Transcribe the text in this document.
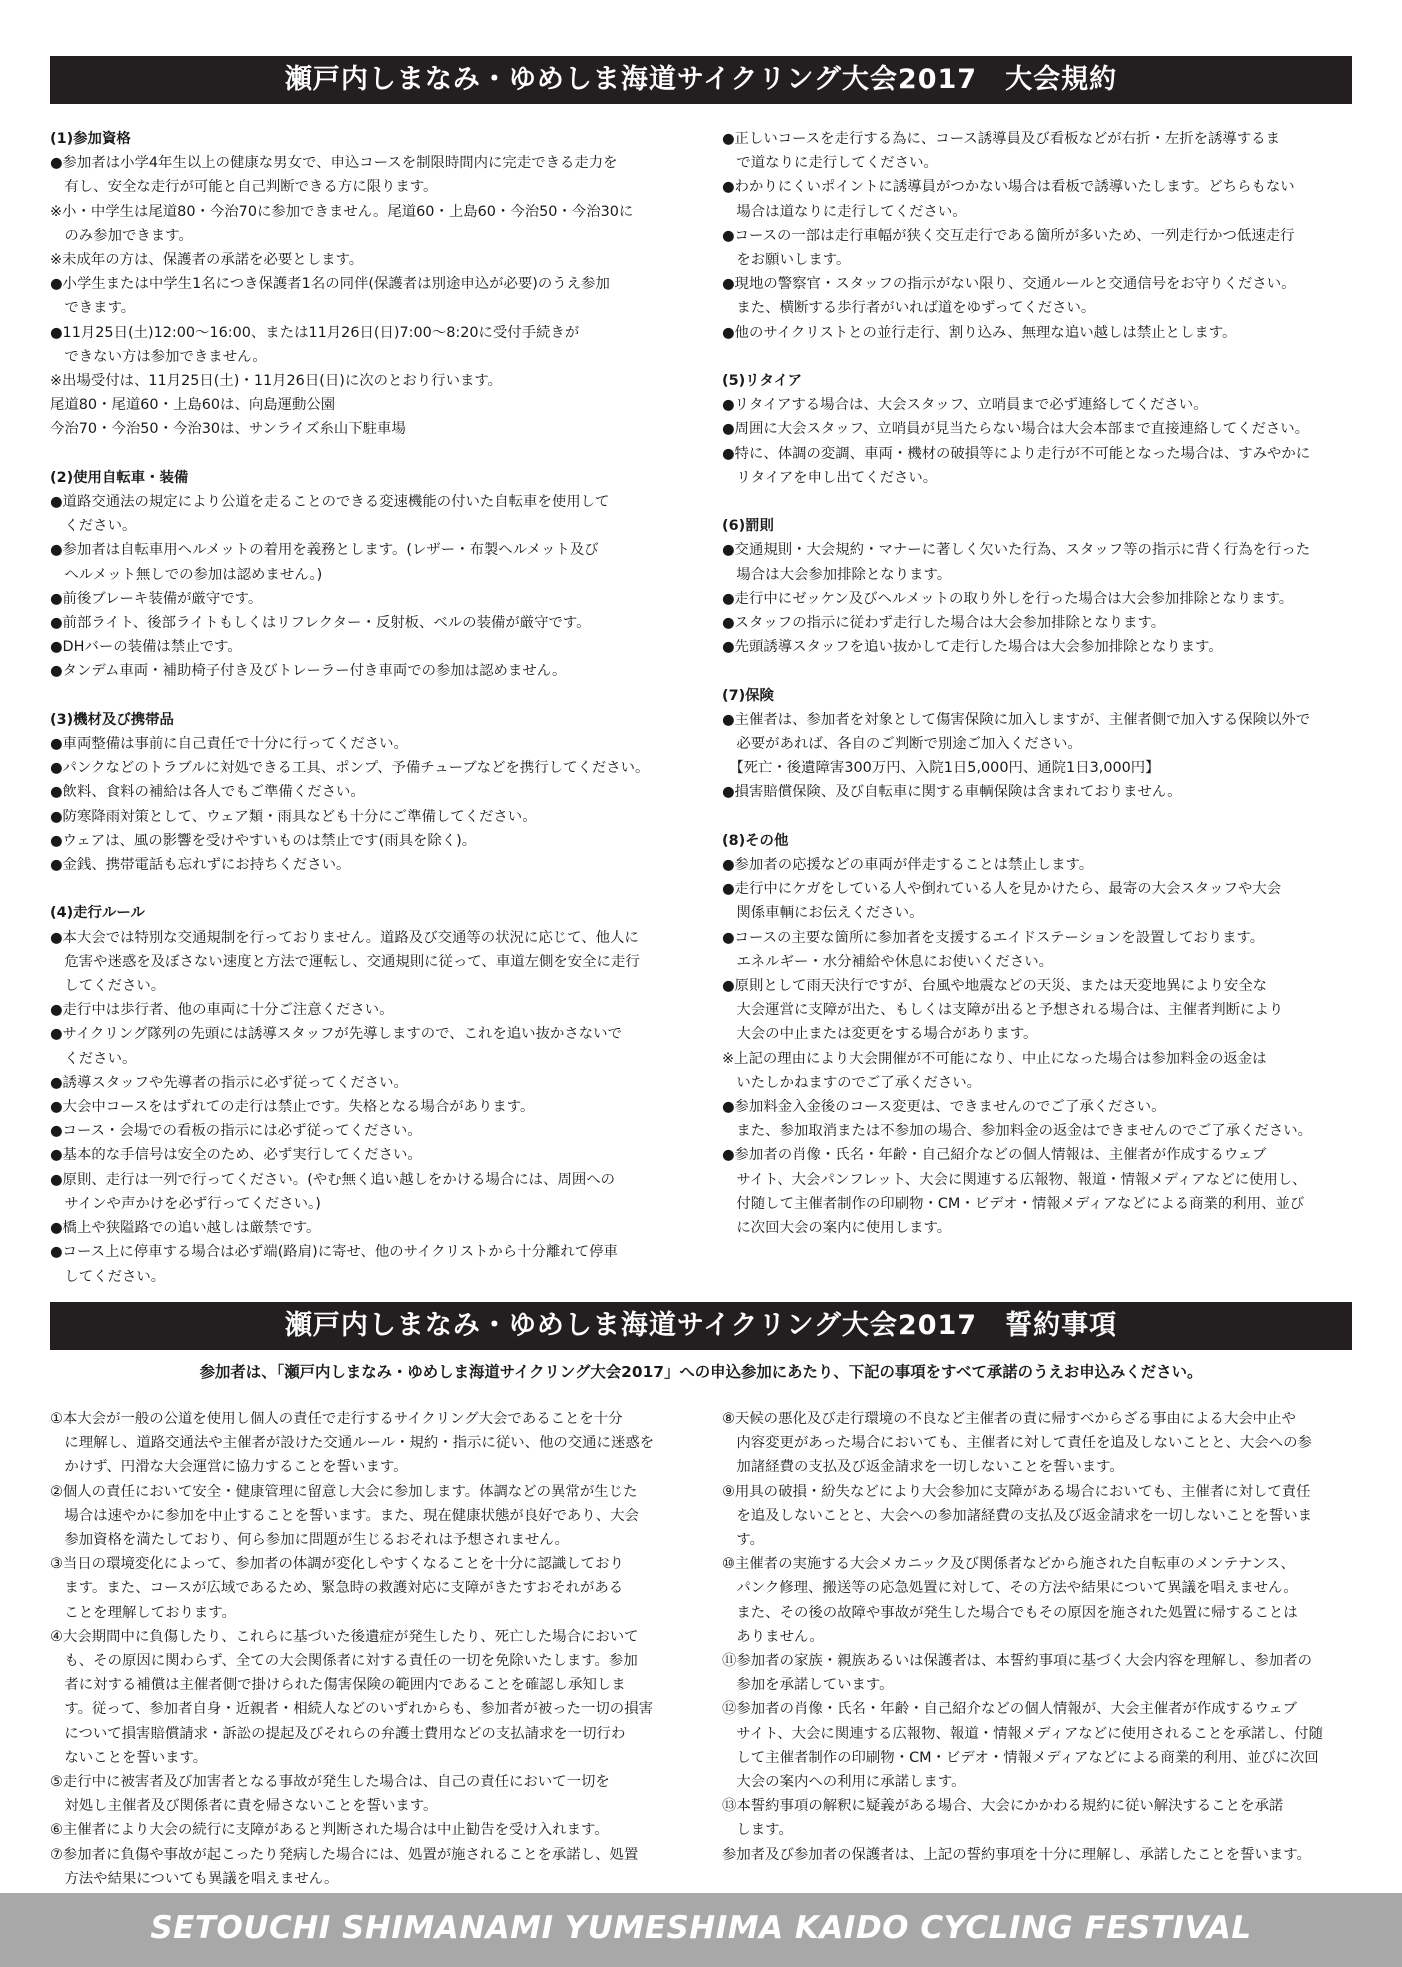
瀬戸内しまなみ・ゆめしま海道サイクリング大会2017　大会規約
(1)参加資格
●参加者は小学4年生以上の健康な男女で、申込コースを制限時間内に完走できる走力を
　有し、安全な走行が可能と自己判断できる方に限ります。
※小・中学生は尾道80・今治70に参加できません。尾道60・上島60・今治50・今治30に
　のみ参加できます。
※未成年の方は、保護者の承諾を必要とします。
●小学生または中学生1名につき保護者1名の同伴(保護者は別途申込が必要)のうえ参加
　できます。
●11月25日(土)12:00〜16:00、または11月26日(日)7:00〜8:20に受付手続きが
　できない方は参加できません。
※出場受付は、11月25日(土)・11月26日(日)に次のとおり行います。
尾道80・尾道60・上島60は、向島運動公園
今治70・今治50・今治30は、サンライズ糸山下駐車場
(2)使用自転車・装備
●道路交通法の規定により公道を走ることのできる変速機能の付いた自転車を使用して
　ください。
●参加者は自転車用ヘルメットの着用を義務とします。(レザー・布製ヘルメット及び
　ヘルメット無しでの参加は認めません。)
●前後ブレーキ装備が厳守です。
●前部ライト、後部ライトもしくはリフレクター・反射板、ベルの装備が厳守です。
●DHバーの装備は禁止です。
●タンデム車両・補助椅子付き及びトレーラー付き車両での参加は認めません。
(3)機材及び携帯品
●車両整備は事前に自己責任で十分に行ってください。
●パンクなどのトラブルに対処できる工具、ポンプ、予備チューブなどを携行してください。
●飲料、食料の補給は各人でもご準備ください。
●防寒降雨対策として、ウェア類・雨具なども十分にご準備してください。
●ウェアは、風の影響を受けやすいものは禁止です(雨具を除く)。
●金銭、携帯電話も忘れずにお持ちください。
(4)走行ルール
●本大会では特別な交通規制を行っておりません。道路及び交通等の状況に応じて、他人に
　危害や迷惑を及ぼさない速度と方法で運転し、交通規則に従って、車道左側を安全に走行
　してください。
●走行中は歩行者、他の車両に十分ご注意ください。
●サイクリング隊列の先頭には誘導スタッフが先導しますので、これを追い抜かさないで
　ください。
●誘導スタッフや先導者の指示に必ず従ってください。
●大会中コースをはずれての走行は禁止です。失格となる場合があります。
●コース・会場での看板の指示には必ず従ってください。
●基本的な手信号は安全のため、必ず実行してください。
●原則、走行は一列で行ってください。(やむ無く追い越しをかける場合には、周囲への
　サインや声かけを必ず行ってください。)
●橋上や狭隘路での追い越しは厳禁です。
●コース上に停車する場合は必ず端(路肩)に寄せ、他のサイクリストから十分離れて停車
　してください。
●正しいコースを走行する為に、コース誘導員及び看板などが右折・左折を誘導するま
　で道なりに走行してください。
●わかりにくいポイントに誘導員がつかない場合は看板で誘導いたします。どちらもない
　場合は道なりに走行してください。
●コースの一部は走行車幅が狭く交互走行である箇所が多いため、一列走行かつ低速走行
　をお願いします。
●現地の警察官・スタッフの指示がない限り、交通ルールと交通信号をお守りください。
　また、横断する歩行者がいれば道をゆずってください。
●他のサイクリストとの並行走行、割り込み、無理な追い越しは禁止とします。
(5)リタイア
●リタイアする場合は、大会スタッフ、立哨員まで必ず連絡してください。
●周囲に大会スタッフ、立哨員が見当たらない場合は大会本部まで直接連絡してください。
●特に、体調の変調、車両・機材の破損等により走行が不可能となった場合は、すみやかに
　リタイアを申し出てください。
(6)罰則
●交通規則・大会規約・マナーに著しく欠いた行為、スタッフ等の指示に背く行為を行った
　場合は大会参加排除となります。
●走行中にゼッケン及びヘルメットの取り外しを行った場合は大会参加排除となります。
●スタッフの指示に従わず走行した場合は大会参加排除となります。
●先頭誘導スタッフを追い抜かして走行した場合は大会参加排除となります。
(7)保険
●主催者は、参加者を対象として傷害保険に加入しますが、主催者側で加入する保険以外で
　必要があれば、各自のご判断で別途ご加入ください。
　【死亡・後遺障害300万円、入院1日5,000円、通院1日3,000円】
●損害賠償保険、及び自転車に関する車輌保険は含まれておりません。
(8)その他
●参加者の応援などの車両が伴走することは禁止します。
●走行中にケガをしている人や倒れている人を見かけたら、最寄の大会スタッフや大会
　関係車輌にお伝えください。
●コースの主要な箇所に参加者を支援するエイドステーションを設置しております。
　エネルギー・水分補給や休息にお使いください。
●原則として雨天決行ですが、台風や地震などの天災、または天変地異により安全な
　大会運営に支障が出た、もしくは支障が出ると予想される場合は、主催者判断により
　大会の中止または変更をする場合があります。
※上記の理由により大会開催が不可能になり、中止になった場合は参加料金の返金は
　いたしかねますのでご了承ください。
●参加料金入金後のコース変更は、できませんのでご了承ください。
　また、参加取消または不参加の場合、参加料金の返金はできませんのでご了承ください。
●参加者の肖像・氏名・年齢・自己紹介などの個人情報は、主催者が作成するウェブ
　サイト、大会パンフレット、大会に関連する広報物、報道・情報メディアなどに使用し、
　付随して主催者制作の印刷物・CM・ビデオ・情報メディアなどによる商業的利用、並び
　に次回大会の案内に使用します。
瀬戸内しまなみ・ゆめしま海道サイクリング大会2017　誓約事項
参加者は、「瀬戸内しまなみ・ゆめしま海道サイクリング大会2017」への申込参加にあたり、下記の事項をすべて承諾のうえお申込みください。
①本大会が一般の公道を使用し個人の責任で走行するサイクリング大会であることを十分
　に理解し、道路交通法や主催者が設けた交通ルール・規約・指示に従い、他の交通に迷惑を
　かけず、円滑な大会運営に協力することを誓います。
②個人の責任において安全・健康管理に留意し大会に参加します。体調などの異常が生じた
　場合は速やかに参加を中止することを誓います。また、現在健康状態が良好であり、大会
　参加資格を満たしており、何ら参加に問題が生じるおそれは予想されません。
③当日の環境変化によって、参加者の体調が変化しやすくなることを十分に認識しており
　ます。また、コースが広域であるため、緊急時の救護対応に支障がきたすおそれがある
　ことを理解しております。
④大会期間中に負傷したり、これらに基づいた後遺症が発生したり、死亡した場合において
　も、その原因に関わらず、全ての大会関係者に対する責任の一切を免除いたします。参加
　者に対する補償は主催者側で掛けられた傷害保険の範囲内であることを確認し承知しま
　す。従って、参加者自身・近親者・相続人などのいずれからも、参加者が被った一切の損害
　について損害賠償請求・訴訟の提起及びそれらの弁護士費用などの支払請求を一切行わ
　ないことを誓います。
⑤走行中に被害者及び加害者となる事故が発生した場合は、自己の責任において一切を
　対処し主催者及び関係者に責を帰さないことを誓います。
⑥主催者により大会の続行に支障があると判断された場合は中止勧告を受け入れます。
⑦参加者に負傷や事故が起こったり発病した場合には、処置が施されることを承諾し、処置
　方法や結果についても異議を唱えません。
⑧天候の悪化及び走行環境の不良など主催者の責に帰すべからざる事由による大会中止や
　内容変更があった場合においても、主催者に対して責任を追及しないことと、大会への参
　加諸経費の支払及び返金請求を一切しないことを誓います。
⑨用具の破損・紛失などにより大会参加に支障がある場合においても、主催者に対して責任
　を追及しないことと、大会への参加諸経費の支払及び返金請求を一切しないことを誓いま
　す。
⑩主催者の実施する大会メカニック及び関係者などから施された自転車のメンテナンス、
　パンク修理、搬送等の応急処置に対して、その方法や結果について異議を唱えません。
　また、その後の故障や事故が発生した場合でもその原因を施された処置に帰することは
　ありません。
⑪参加者の家族・親族あるいは保護者は、本誓約事項に基づく大会内容を理解し、参加者の
　参加を承諾しています。
⑫参加者の肖像・氏名・年齢・自己紹介などの個人情報が、大会主催者が作成するウェブ
　サイト、大会に関連する広報物、報道・情報メディアなどに使用されることを承諾し、付随
　して主催者制作の印刷物・CM・ビデオ・情報メディアなどによる商業的利用、並びに次回
　大会の案内への利用に承諾します。
⑬本誓約事項の解釈に疑義がある場合、大会にかかわる規約に従い解決することを承諾
　します。
参加者及び参加者の保護者は、上記の誓約事項を十分に理解し、承諾したことを誓います。
SETOUCHI SHIMANAMI YUMESHIMA KAIDO CYCLING FESTIVAL
